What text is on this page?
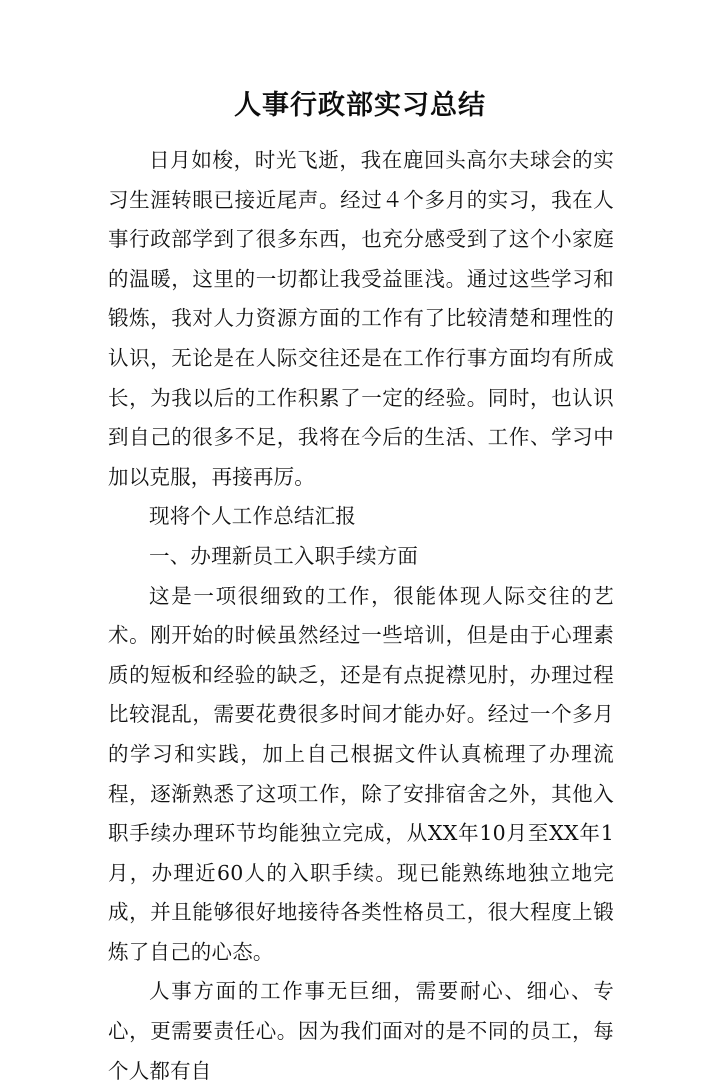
人事行政部实习总结

日月如梭，时光飞逝，我在鹿回头高尔夫球会的实习生涯转眼已接近尾声。经过４个多月的实习，我在人事行政部学到了很多东西，也充分感受到了这个小家庭的温暖，这里的一切都让我受益匪浅。通过这些学习和锻炼，我对人力资源方面的工作有了比较清楚和理性的认识，无论是在人际交往还是在工作行事方面均有所成长，为我以后的工作积累了一定的经验。同时，也认识到自己的很多不足，我将在今后的生活、工作、学习中加以克服，再接再厉。

现将个人工作总结汇报

一、办理新员工入职手续方面

这是一项很细致的工作，很能体现人际交往的艺术。刚开始的时候虽然经过一些培训，但是由于心理素质的短板和经验的缺乏，还是有点捉襟见肘，办理过程比较混乱，需要花费很多时间才能办好。经过一个多月的学习和实践，加上自己根据文件认真梳理了办理流程，逐渐熟悉了这项工作，除了安排宿舍之外，其他入职手续办理环节均能独立完成，从XX年10月至XX年1月，办理近60人的入职手续。现已能熟练地独立地完成，并且能够很好地接待各类性格员工，很大程度上锻炼了自己的心态。

人事方面的工作事无巨细，需要耐心、细心、专心，更需要责任心。因为我们面对的是不同的员工，每个人都有自
